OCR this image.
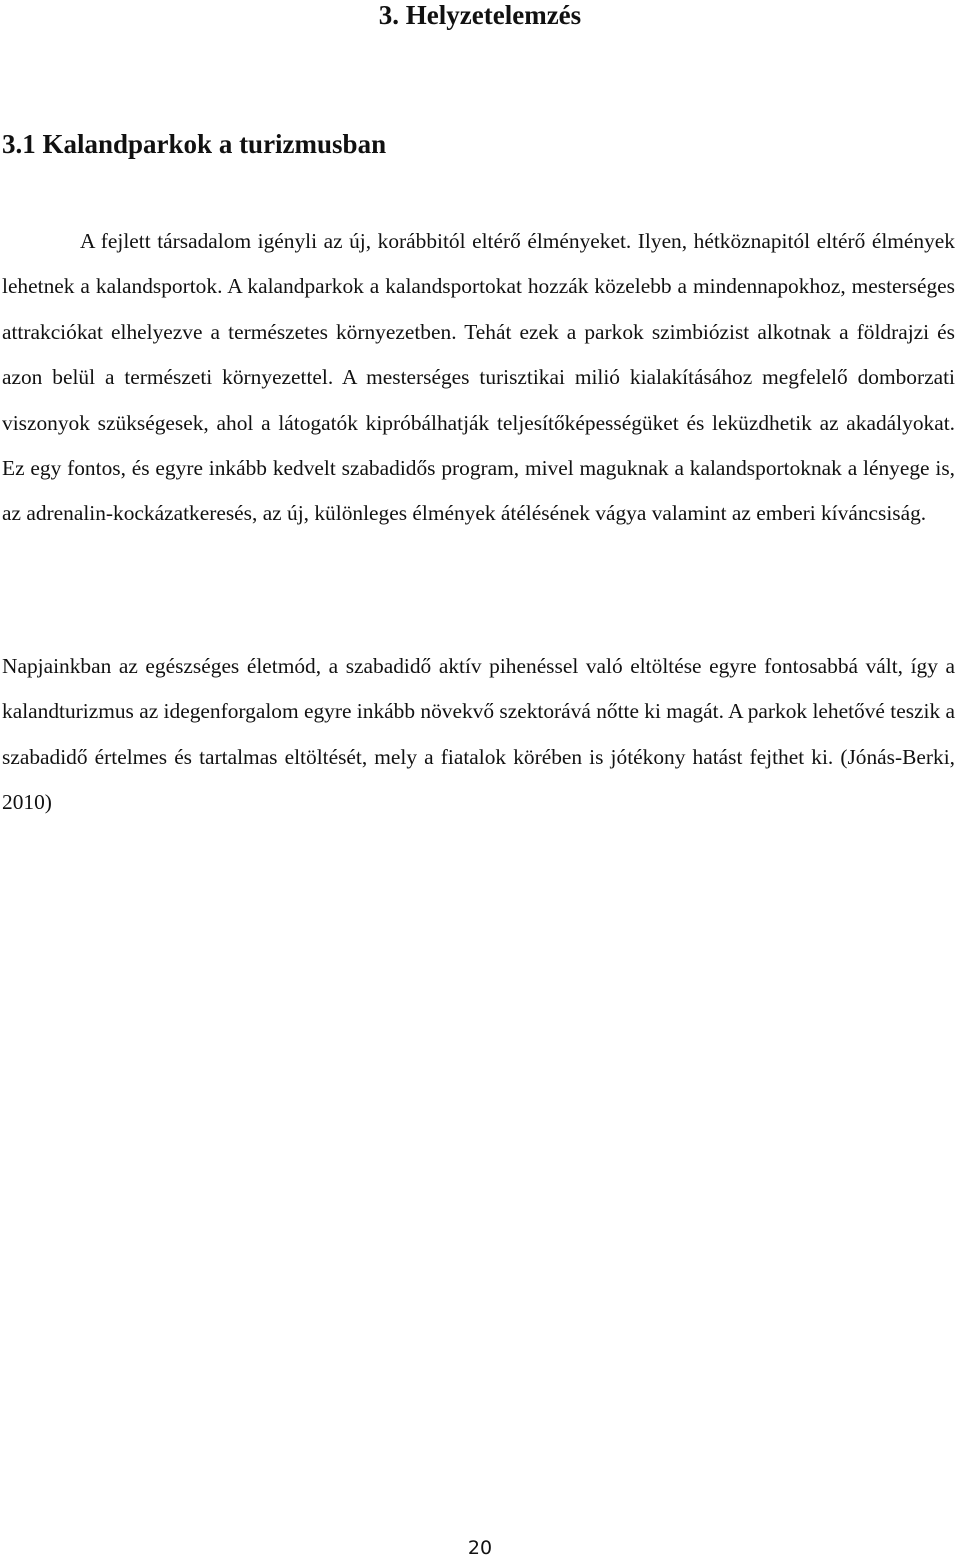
3. Helyzetelemzés
3.1 Kalandparkok a turizmusban

A fejlett társadalom igényli az új, korábbitól eltérő élményeket. Ilyen, hétköznapitól eltérő élmények lehetnek a kalandsportok. A kalandparkok a kalandsportokat hozzák közelebb a mindennapokhoz, mesterséges attrakciókat elhelyezve a természetes környezetben. Tehát ezek a parkok szimbiózist alkotnak a földrajzi és azon belül a természeti környezettel. A mesterséges turisztikai milió kialakításához megfelelő domborzati viszonyok szükségesek, ahol a látogatók kipróbálhatják teljesítőképességüket és leküzdhetik az akadályokat. Ez egy fontos, és egyre inkább kedvelt szabadidős program, mivel maguknak a kalandsportoknak a lényege is, az adrenalin-kockázatkeresés, az új, különleges élmények átélésének vágya valamint az emberi kíváncsiság.

Napjainkban az egészséges életmód, a szabadidő aktív pihenéssel való eltöltése egyre fontosabbá vált, így a kalandturizmus az idegenforgalom egyre inkább növekvő szektorává nőtte ki magát. A parkok lehetővé teszik a szabadidő értelmes és tartalmas eltöltését, mely a fiatalok körében is jótékony hatást fejthet ki. (Jónás-Berki, 2010)

20
